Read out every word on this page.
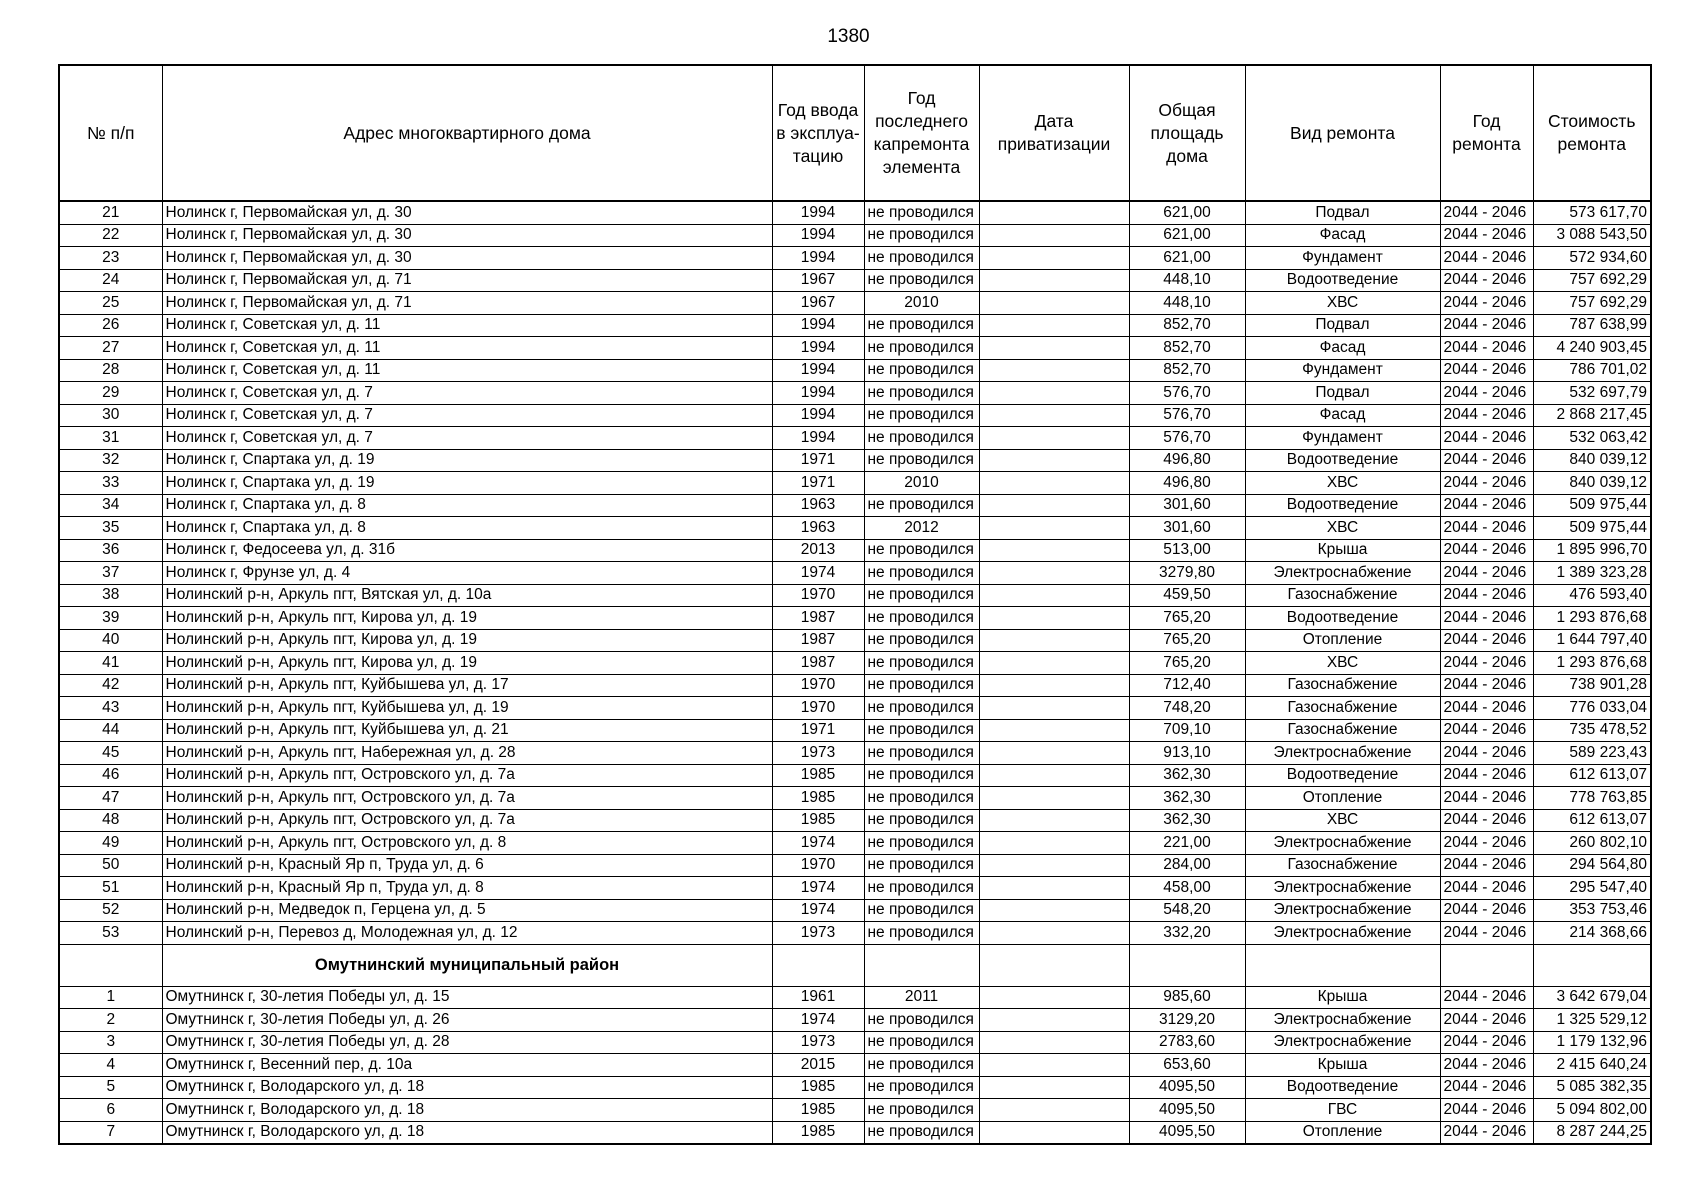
1380
№ п/п	Адрес многоквартирного дома	Год ввода в эксплуа-тацию	Год последнего капремонта элемента	Дата приватизации	Общая площадь дома	Вид ремонта	Год ремонта	Стоимость ремонта
21	Нолинск г, Первомайская ул, д. 30	1994	не проводился		621,00	Подвал	2044 - 2046	573 617,70
22	Нолинск г, Первомайская ул, д. 30	1994	не проводился		621,00	Фасад	2044 - 2046	3 088 543,50
23	Нолинск г, Первомайская ул, д. 30	1994	не проводился		621,00	Фундамент	2044 - 2046	572 934,60
24	Нолинск г, Первомайская ул, д. 71	1967	не проводился		448,10	Водоотведение	2044 - 2046	757 692,29
25	Нолинск г, Первомайская ул, д. 71	1967	2010		448,10	ХВС	2044 - 2046	757 692,29
26	Нолинск г, Советская ул, д. 11	1994	не проводился		852,70	Подвал	2044 - 2046	787 638,99
27	Нолинск г, Советская ул, д. 11	1994	не проводился		852,70	Фасад	2044 - 2046	4 240 903,45
28	Нолинск г, Советская ул, д. 11	1994	не проводился		852,70	Фундамент	2044 - 2046	786 701,02
29	Нолинск г, Советская ул, д. 7	1994	не проводился		576,70	Подвал	2044 - 2046	532 697,79
30	Нолинск г, Советская ул, д. 7	1994	не проводился		576,70	Фасад	2044 - 2046	2 868 217,45
31	Нолинск г, Советская ул, д. 7	1994	не проводился		576,70	Фундамент	2044 - 2046	532 063,42
32	Нолинск г, Спартака ул, д. 19	1971	не проводился		496,80	Водоотведение	2044 - 2046	840 039,12
33	Нолинск г, Спартака ул, д. 19	1971	2010		496,80	ХВС	2044 - 2046	840 039,12
34	Нолинск г, Спартака ул, д. 8	1963	не проводился		301,60	Водоотведение	2044 - 2046	509 975,44
35	Нолинск г, Спартака ул, д. 8	1963	2012		301,60	ХВС	2044 - 2046	509 975,44
36	Нолинск г, Федосеева ул, д. 31б	2013	не проводился		513,00	Крыша	2044 - 2046	1 895 996,70
37	Нолинск г, Фрунзе ул, д. 4	1974	не проводился		3279,80	Электроснабжение	2044 - 2046	1 389 323,28
38	Нолинский р-н, Аркуль пгт, Вятская ул, д. 10а	1970	не проводился		459,50	Газоснабжение	2044 - 2046	476 593,40
39	Нолинский р-н, Аркуль пгт, Кирова ул, д. 19	1987	не проводился		765,20	Водоотведение	2044 - 2046	1 293 876,68
40	Нолинский р-н, Аркуль пгт, Кирова ул, д. 19	1987	не проводился		765,20	Отопление	2044 - 2046	1 644 797,40
41	Нолинский р-н, Аркуль пгт, Кирова ул, д. 19	1987	не проводился		765,20	ХВС	2044 - 2046	1 293 876,68
42	Нолинский р-н, Аркуль пгт, Куйбышева ул, д. 17	1970	не проводился		712,40	Газоснабжение	2044 - 2046	738 901,28
43	Нолинский р-н, Аркуль пгт, Куйбышева ул, д. 19	1970	не проводился		748,20	Газоснабжение	2044 - 2046	776 033,04
44	Нолинский р-н, Аркуль пгт, Куйбышева ул, д. 21	1971	не проводился		709,10	Газоснабжение	2044 - 2046	735 478,52
45	Нолинский р-н, Аркуль пгт, Набережная ул, д. 28	1973	не проводился		913,10	Электроснабжение	2044 - 2046	589 223,43
46	Нолинский р-н, Аркуль пгт, Островского ул, д. 7а	1985	не проводился		362,30	Водоотведение	2044 - 2046	612 613,07
47	Нолинский р-н, Аркуль пгт, Островского ул, д. 7а	1985	не проводился		362,30	Отопление	2044 - 2046	778 763,85
48	Нолинский р-н, Аркуль пгт, Островского ул, д. 7а	1985	не проводился		362,30	ХВС	2044 - 2046	612 613,07
49	Нолинский р-н, Аркуль пгт, Островского ул, д. 8	1974	не проводился		221,00	Электроснабжение	2044 - 2046	260 802,10
50	Нолинский р-н, Красный Яр п, Труда ул, д. 6	1970	не проводился		284,00	Газоснабжение	2044 - 2046	294 564,80
51	Нолинский р-н, Красный Яр п, Труда ул, д. 8	1974	не проводился		458,00	Электроснабжение	2044 - 2046	295 547,40
52	Нолинский р-н, Медведок п, Герцена ул, д. 5	1974	не проводился		548,20	Электроснабжение	2044 - 2046	353 753,46
53	Нолинский р-н, Перевоз д, Молодежная ул, д. 12	1973	не проводился		332,20	Электроснабжение	2044 - 2046	214 368,66
	Омутнинский муниципальный район							
1	Омутнинск г, 30-летия Победы ул, д. 15	1961	2011		985,60	Крыша	2044 - 2046	3 642 679,04
2	Омутнинск г, 30-летия Победы ул, д. 26	1974	не проводился		3129,20	Электроснабжение	2044 - 2046	1 325 529,12
3	Омутнинск г, 30-летия Победы ул, д. 28	1973	не проводился		2783,60	Электроснабжение	2044 - 2046	1 179 132,96
4	Омутнинск г, Весенний пер, д. 10а	2015	не проводился		653,60	Крыша	2044 - 2046	2 415 640,24
5	Омутнинск г, Володарского ул, д. 18	1985	не проводился		4095,50	Водоотведение	2044 - 2046	5 085 382,35
6	Омутнинск г, Володарского ул, д. 18	1985	не проводился		4095,50	ГВС	2044 - 2046	5 094 802,00
7	Омутнинск г, Володарского ул, д. 18	1985	не проводился		4095,50	Отопление	2044 - 2046	8 287 244,25
